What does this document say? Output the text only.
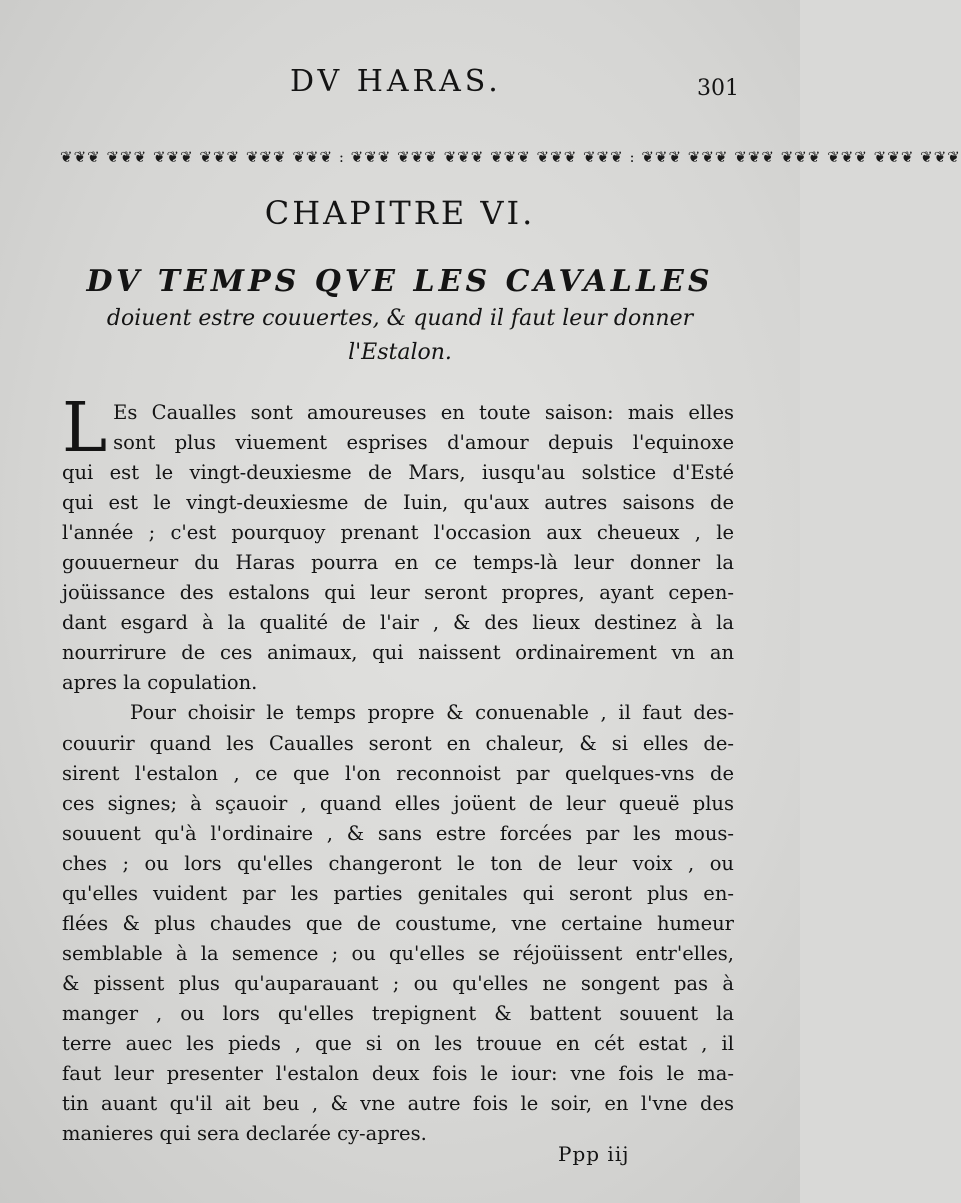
DV HARAS.	301
❦❦❦ ❦❦❦ ❦❦❦ ❦❦❦ ❦❦❦ ❦❦❦ : ❦❦❦ ❦❦❦ ❦❦❦ ❦❦❦ ❦❦❦ ❦❦❦ : ❦❦❦ ❦❦❦ ❦❦❦ ❦❦❦ ❦❦❦ ❦❦❦ ❦❦❦
CHAPITRE VI.
DV TEMPS QVE LES CAVALLES
doiuent estre couuertes, & quand il faut leur donner
l'Estalon.
L Es Caualles sont amoureuses en toute saison: mais elles
sont plus viuement esprises d'amour depuis l'equinoxe
qui est le vingt-deuxiesme de Mars, iusqu'au solstice d'Esté
qui est le vingt-deuxiesme de Iuin, qu'aux autres saisons de
l'année ; c'est pourquoy prenant l'occasion aux cheueux , le
gouuerneur du Haras pourra en ce temps-là leur donner la
joüissance des estalons qui leur seront propres, ayant cepen-
dant esgard à la qualité de l'air , & des lieux destinez à la
nourrirure de ces animaux, qui naissent ordinairement vn an
apres la copulation.
Pour choisir le temps propre & conuenable , il faut des-
couurir quand les Caualles seront en chaleur, & si elles de-
sirent l'estalon , ce que l'on reconnoist par quelques-vns de
ces signes; à sçauoir , quand elles joüent de leur queuë plus
souuent qu'à l'ordinaire , & sans estre forcées par les mous-
ches ; ou lors qu'elles changeront le ton de leur voix , ou
qu'elles vuident par les parties genitales qui seront plus en-
flées & plus chaudes que de coustume, vne certaine humeur
semblable à la semence ; ou qu'elles se réjoüissent entr'elles,
& pissent plus qu'auparauant ; ou qu'elles ne songent pas à
manger , ou lors qu'elles trepignent & battent souuent la
terre auec les pieds , que si on les trouue en cét estat , il
faut leur presenter l'estalon deux fois le iour: vne fois le ma-
tin auant qu'il ait beu , & vne autre fois le soir, en l'vne des
manieres qui sera declarée cy-apres.
Ppp iij
